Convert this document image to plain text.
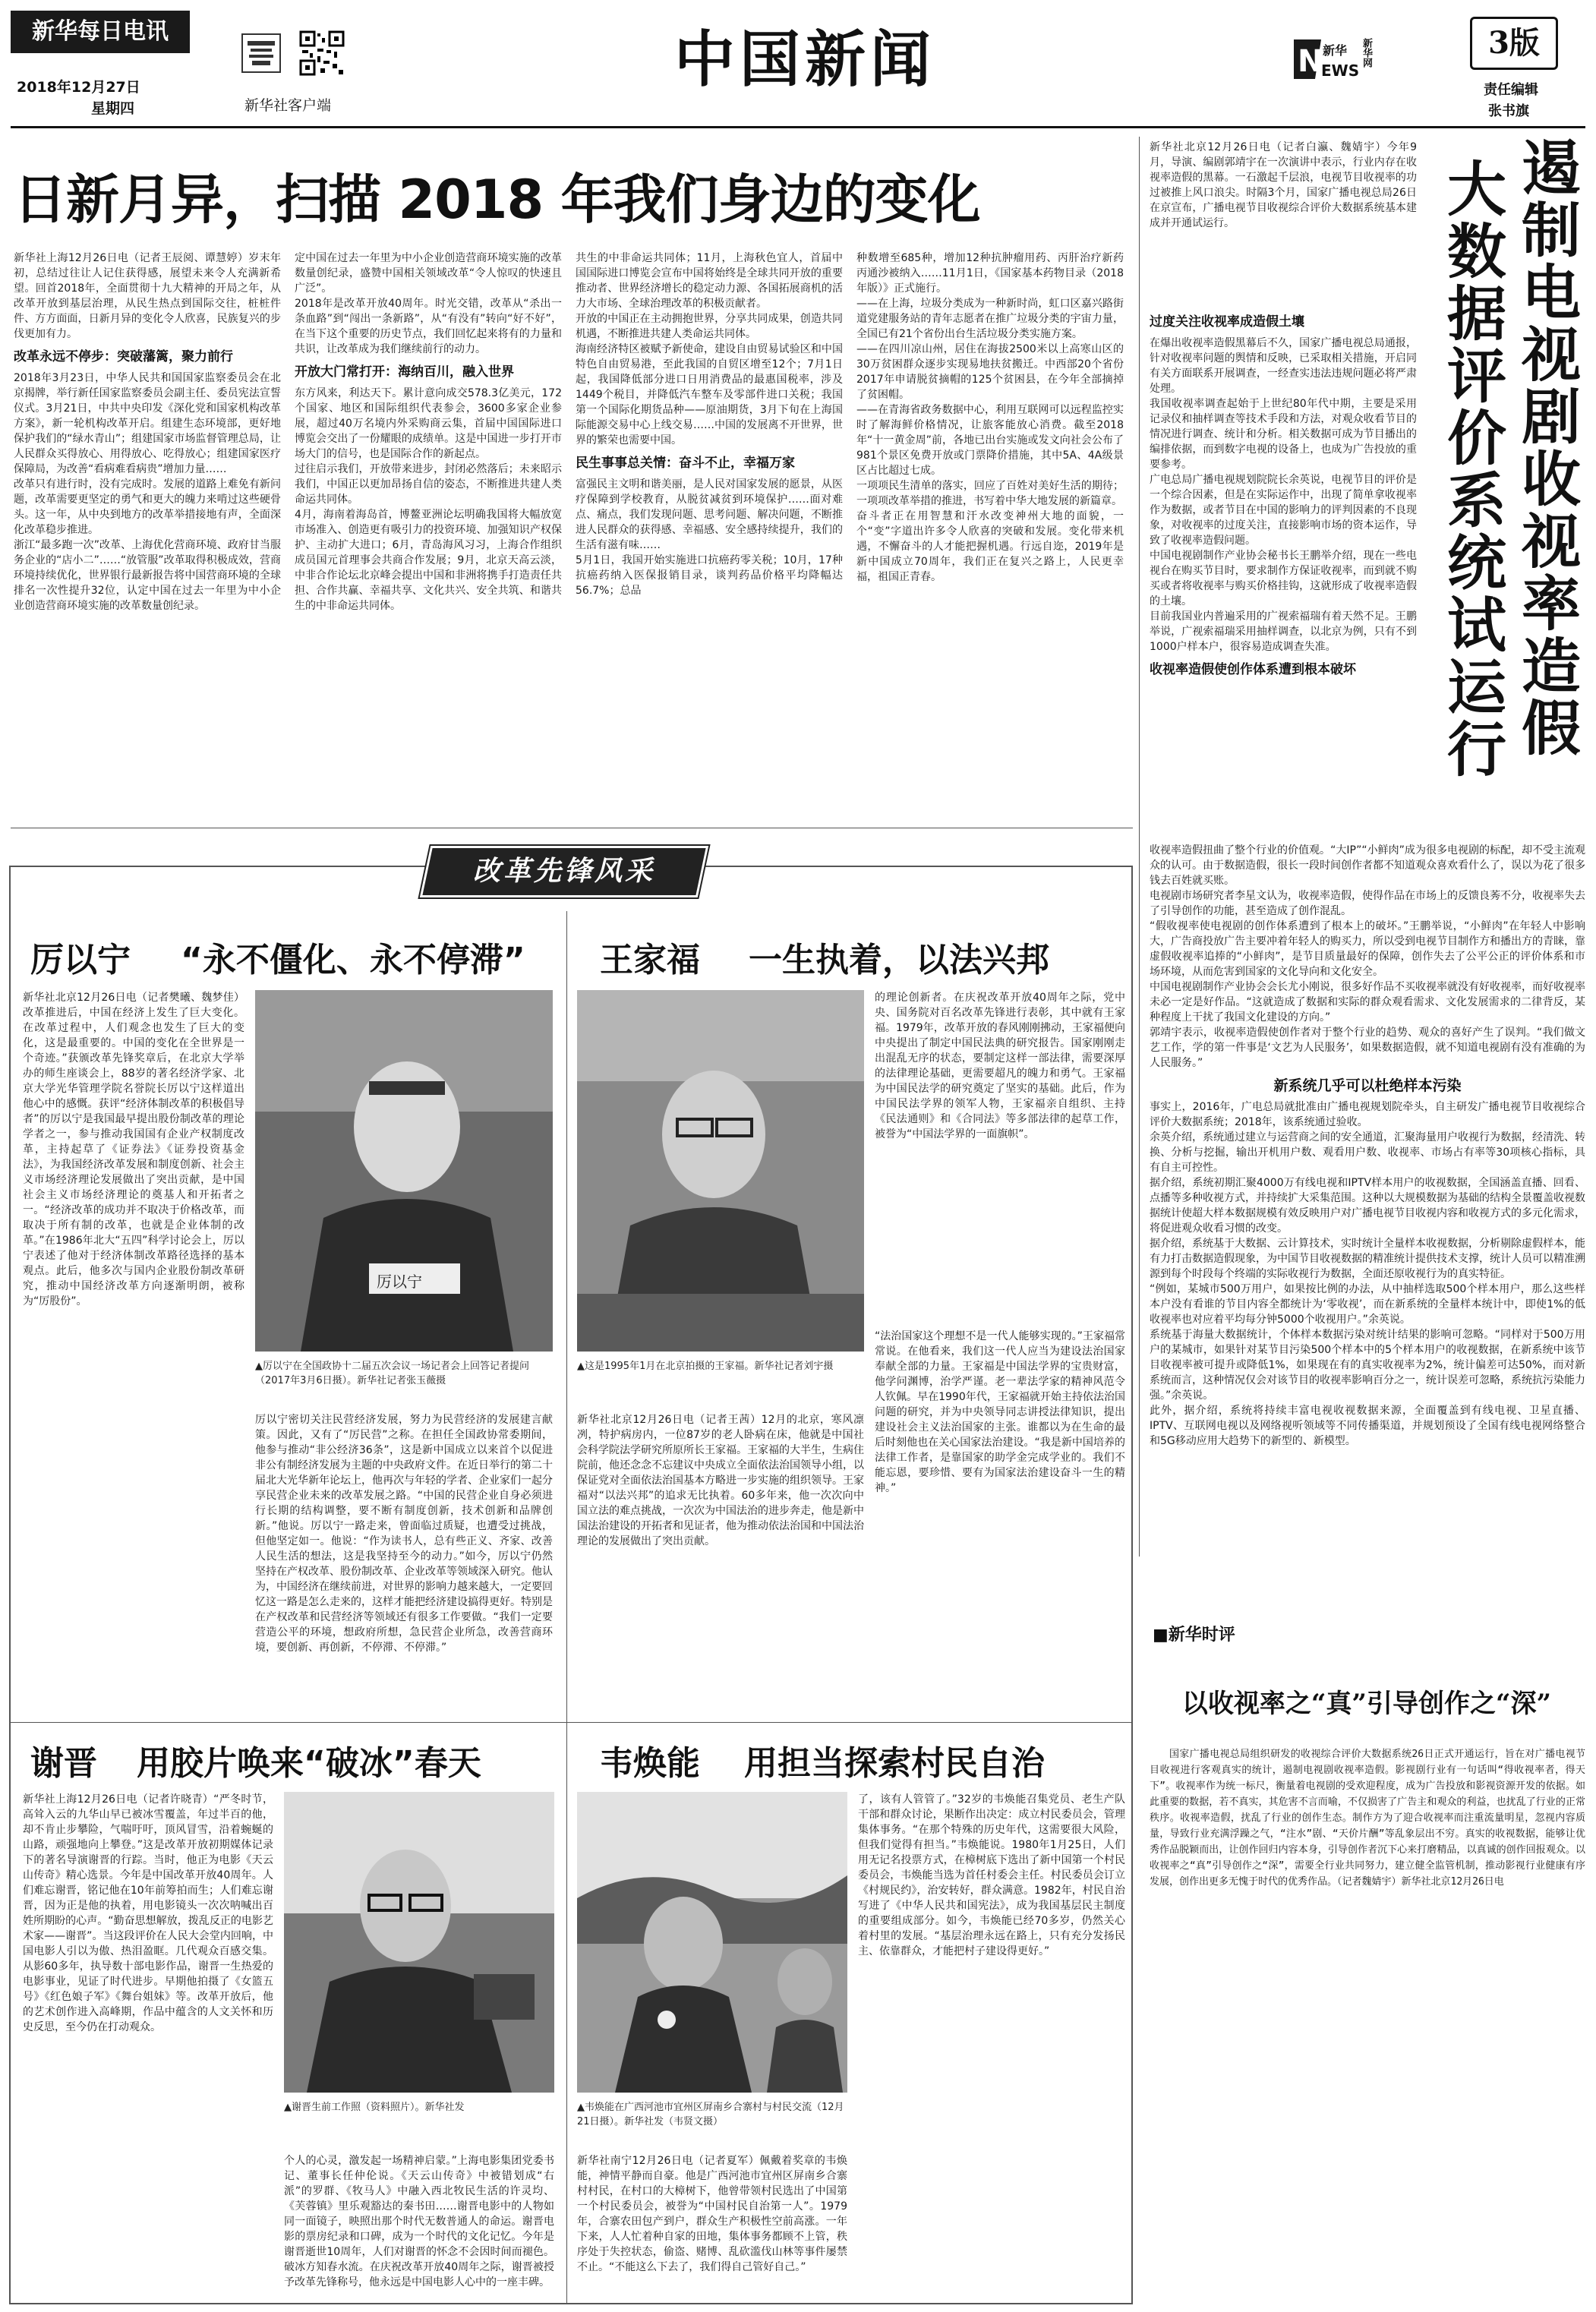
新华每日电讯
2018年12月27日
星期四	新华社客户端
中国新闻	N 新华
EWS
新华网	3版
责任编辑
张书旗
日新月异，扫描 2018 年我们身边的变化

新华社上海12月26日电（记者王辰阅、谭慧婷）岁末年初，总结过往让人记住获得感，展望未来令人充满新希望。回首2018年，全面贯彻十九大精神的开局之年，从改革开放到基层治理，从民生热点到国际交往，桩桩件件、方方面面，日新月异的变化令人欣喜，民族复兴的步伐更加有力。

改革永远不停步：突破藩篱，聚力前行

2018年3月23日，中华人民共和国国家监察委员会在北京揭牌，举行新任国家监察委员会副主任、委员宪法宣誓仪式。3月21日，中共中央印发《深化党和国家机构改革方案》，新一轮机构改革开启。组建生态环境部，更好地保护我们的“绿水青山”；组建国家市场监督管理总局，让人民群众买得放心、用得放心、吃得放心；组建国家医疗保障局，为改善“看病难看病贵”增加力量……

改革只有进行时，没有完成时。发展的道路上难免有新问题，改革需要更坚定的勇气和更大的魄力来啃过这些硬骨头。这一年，从中央到地方的改革举措接地有声，全面深化改革稳步推进。

浙江“最多跑一次”改革、上海优化营商环境、政府甘当服务企业的“店小二”……“放管服”改革取得积极成效，营商环境持续优化，世界银行最新报告将中国营商环境的全球排名一次性提升32位，认定中国在过去一年里为中小企业创造营商环境实施的改革数量创纪录。

定中国在过去一年里为中小企业创造营商环境实施的改革数量创纪录，盛赞中国相关领域改革“令人惊叹的快速且广泛”。

2018年是改革开放40周年。时光交错，改革从“杀出一条血路”到“闯出一条新路”，从“有没有”转向“好不好”，在当下这个重要的历史节点，我们回忆起来将有的力量和共识，让改革成为我们继续前行的动力。

开放大门常打开：海纳百川，融入世界

东方风来，利达天下。累计意向成交578.3亿美元，172个国家、地区和国际组织代表参会，3600多家企业参展，超过40万名境内外采购商云集，首届中国国际进口博览会交出了一份耀眼的成绩单。这是中国进一步打开市场大门的信号，也是国际合作的新起点。

过往启示我们，开放带来进步，封闭必然落后；未来昭示我们，中国正以更加昂扬自信的姿态，不断推进共建人类命运共同体。

4月，海南着海岛首，博鳌亚洲论坛明确我国将大幅放宽市场准入、创造更有吸引力的投资环境、加强知识产权保护、主动扩大进口；6月，青岛海风习习，上海合作组织成员国元首理事会共商合作发展；9月，北京天高云淡，中非合作论坛北京峰会提出中国和非洲将携手打造责任共担、合作共赢、幸福共享、文化共兴、安全共筑、和谐共生的中非命运共同体。

共生的中非命运共同体；11月，上海秋色宜人，首届中国国际进口博览会宣布中国将始终是全球共同开放的重要推动者、世界经济增长的稳定动力源、各国拓展商机的活力大市场、全球治理改革的积极贡献者。

开放的中国正在主动拥抱世界，分享共同成果，创造共同机遇，不断推进共建人类命运共同体。

海南经济特区被赋予新使命，建设自由贸易试验区和中国特色自由贸易港，至此我国的自贸区增至12个；7月1日起，我国降低部分进口日用消费品的最惠国税率，涉及1449个税目，并降低汽车整车及零部件进口关税；我国第一个国际化期货品种——原油期货，3月下旬在上海国际能源交易中心上线交易……中国的发展离不开世界，世界的繁荣也需要中国。

民生事事总关情：奋斗不止，幸福万家

富强民主文明和谐美丽，是人民对国家发展的愿景，从医疗保障到学校教育，从脱贫减贫到环境保护……面对难点、痛点，我们发现问题、思考问题、解决问题，不断推进人民群众的获得感、幸福感、安全感持续提升，我们的生活有滋有味……

5月1日，我国开始实施进口抗癌药零关税；10月，17种抗癌药纳入医保报销目录，谈判药品价格平均降幅达56.7%；总品

种数增至685种，增加12种抗肿瘤用药、丙肝治疗新药丙通沙被纳入……11月1日，《国家基本药物目录（2018年版）》正式施行。

——在上海，垃圾分类成为一种新时尚，虹口区嘉兴路街道党建服务站的青年志愿者在推广垃圾分类的宇宙力量，全国已有21个省份出台生活垃圾分类实施方案。

——在四川凉山州，居住在海拔2500米以上高寒山区的30万贫困群众逐步实现易地扶贫搬迁。中西部20个省份2017年申请脱贫摘帽的125个贫困县，在今年全部摘掉了贫困帽。

——在青海省政务数据中心，利用互联网可以远程监控实时了解海鲜价格情况，让旅客能放心消费。截至2018年“十一黄金周”前，各地已出台实施或发文向社会公布了981个景区免费开放或门票降价措施，其中5A、4A级景区占比超过七成。

一项项民生清单的落实，回应了百姓对美好生活的期待；一项项改革举措的推进，书写着中华大地发展的新篇章。

奋斗者正在用智慧和汗水改变神州大地的面貌，一个“变”字道出许多令人欣喜的突破和发展。变化带来机遇，不懈奋斗的人才能把握机遇。行远自迩，2019年是新中国成立70周年，我们正在复兴之路上，人民更幸福，祖国正青春。

新华社北京12月26日电（记者白瀛、魏婧宇）今年9月，导演、编剧郭靖宇在一次演讲中表示，行业内存在收视率造假的黑幕。一石激起千层浪，电视节目收视率的功过被推上风口浪尖。时隔3个月，国家广播电视总局26日在京宣布，广播电视节目收视综合评价大数据系统基本建成并开通试运行。	遏制电视剧收视率造假
大数据评价系统试运行
过度关注收视率成造假土壤

在爆出收视率造假黑幕后不久，国家广播电视总局通报，针对收视率问题的舆情和反映，已采取相关措施，开启同有关方面联系开展调查，一经查实违法违规问题必将严肃处理。

我国收视率调查起始于上世纪80年代中期，主要是采用记录仪和抽样调查等技术手段和方法，对观众收看节目的情况进行调查、统计和分析。相关数据可成为节目播出的编排依据，而到数字电视的设备上，也成为广告投放的重要参考。

广电总局广播电视规划院院长余英说，电视节目的评价是一个综合因素，但是在实际运作中，出现了简单拿收视率作为数据，或者节目在中国的影响力的评判因素的不良现象，对收视率的过度关注，直接影响市场的资本运作，导致了收视率造假问题。

中国电视剧制作产业协会秘书长王鹏举介绍，现在一些电视台在购买节目时，要求制作方保证收视率，而到就不购买或者将收视率与购买价格挂钩，这就形成了收视率造假的土壤。

目前我国业内普遍采用的广视索福瑞有着天然不足。王鹏举说，广视索福瑞采用抽样调查，以北京为例，只有不到1000户样本户，很容易造成调查失准。

收视率造假使创作体系遭到根本破坏

收视率造假扭曲了整个行业的价值观。“大IP”“小鲜肉”成为很多电视剧的标配，却不受主流观众的认可。由于数据造假，很长一段时间创作者都不知道观众喜欢看什么了，误以为花了很多钱去百姓就买账。

电视剧市场研究者李星文认为，收视率造假，使得作品在市场上的反馈良莠不分，收视率失去了引导创作的功能，甚至造成了创作混乱。

“假收视率使电视剧的创作体系遭到了根本上的破坏。”王鹏举说，“小鲜肉”在年轻人中影响大，广告商投放广告主要冲着年轻人的购买力，所以受到电视节目制作方和播出方的青睐，靠虚假收视率追捧的“小鲜肉”，是节目质量最好的保障，创作失去了公平公正的评价体系和市场环境，从而危害到国家的文化导向和文化安全。

中国电视剧制作产业协会会长尤小刚说，很多好作品不买收视率就没有好收视率，而好收视率未必一定是好作品。“这就造成了数据和实际的群众观看需求、文化发展需求的二律背反，某种程度上干扰了我国文化建设的方向。”

郭靖宇表示，收视率造假使创作者对于整个行业的趋势、观众的喜好产生了误判。“我们做文艺工作，学的第一件事是‘文艺为人民服务’，如果数据造假，就不知道电视剧有没有准确的为人民服务。”

新系统几乎可以杜绝样本污染

事实上，2016年，广电总局就批准由广播电视规划院牵头，自主研发广播电视节目收视综合评价大数据系统；2018年，该系统通过验收。

余英介绍，系统通过建立与运营商之间的安全通道，汇聚海量用户收视行为数据，经清洗、转换、分析与挖掘，输出开机用户数、观看用户数、收视率、市场占有率等30项核心指标，具有自主可控性。

据介绍，系统初期汇聚4000万有线电视和IPTV样本用户的收视数据，全国涵盖直播、回看、点播等多种收视方式，并持续扩大采集范围。这种以大规模数据为基础的结构全景覆盖收视数据统计使超大样本数据规模有效反映用户对广播电视节目收视内容和收视方式的多元化需求，将促进观众收看习惯的改变。

据介绍，系统基于大数据、云计算技术，实时统计全量样本收视数据，分析剔除虚假样本，能有力打击数据造假现象，为中国节目收视数据的精准统计提供技术支撑，统计人员可以精准溯源到每个时段每个终端的实际收视行为数据，全面还原收视行为的真实特征。

“例如，某城市500万用户，如果按比例的办法，从中抽样选取500个样本用户，那么这些样本户没有看谁的节目内容全都统计为‘零收视’，而在新系统的全量样本统计中，即使1%的低收视率也对应着平均每分钟5000个收视用户。”余英说。

系统基于海量大数据统计，个体样本数据污染对统计结果的影响可忽略。“同样对于500万用户的某城市，如果针对某节目污染500个样本中的5个样本用户的收视数据，在新系统中该节目收视率被可提升或降低1%，如果现在有的真实收视率为2%，统计偏差可达50%，而对新系统而言，这种情况仅会对该节目的收视率影响百分之一，统计误差可忽略，系统抗污染能力强。”余英说。

此外，据介绍，系统将持续丰富电视收视数据来源，全面覆盖到有线电视、卫星直播、IPTV、互联网电视以及网络视听领域等不同传播渠道，并规划预设了全国有线电视网络整合和5G移动应用大趋势下的新型的、新模型。

■新华时评
以收视率之“真”引导创作之“深”

国家广播电视总局组织研发的收视综合评价大数据系统26日正式开通运行，旨在对广播电视节目收视进行客观真实的统计，遏制电视剧收视率造假。影视剧行业有一句话叫“得收视率者，得天下”。收视率作为统一标尺，衡量着电视剧的受欢迎程度，成为广告投放和影视资源开发的依据。如此重要的数据，若不真实，其危害不言而喻，不仅损害了广告主和观众的利益，也扰乱了行业的正常秩序。收视率造假，扰乱了行业的创作生态。制作方为了迎合收视率而注重流量明星，忽视内容质量，导致行业充满浮躁之气，“注水”剧、“天价片酬”等乱象层出不穷。真实的收视数据，能够让优秀作品脱颖而出，让创作回归内容本身，引导创作者沉下心来打磨精品，以真诚的创作回报观众。以收视率之“真”引导创作之“深”，需要全行业共同努力，建立健全监管机制，推动影视行业健康有序发展，创作出更多无愧于时代的优秀作品。（记者魏婧宇）新华社北京12月26日电

改革先锋风采
厉以宁 “永不僵化、永不停滞”

新华社北京12月26日电（记者樊曦、魏梦佳）改革推进后，中国在经济上发生了巨大变化。在改革过程中，人们观念也发生了巨大的变化，这是最重要的。中国的变化在全世界是一个奇迹。”获颁改革先锋奖章后，在北京大学举办的师生座谈会上，88岁的著名经济学家、北京大学光华管理学院名誉院长厉以宁这样道出他心中的感慨。获评“经济体制改革的积极倡导者”的厉以宁是我国最早提出股份制改革的理论学者之一，参与推动我国国有企业产权制度改革，主持起草了《证券法》《证券投资基金法》，为我国经济改革发展和制度创新、社会主义市场经济理论发展做出了突出贡献，是中国社会主义市场经济理论的奠基人和开拓者之一。“经济改革的成功并不取决于价格改革，而取决于所有制的改革，也就是企业体制的改革。”在1986年北大“五四”科学讨论会上，厉以宁表述了他对于经济体制改革路径选择的基本观点。此后，他多次与国内企业股份制改革研究，推动中国经济改革方向逐渐明朗，被称为“厉股份”。

厉以宁
▲厉以宁在全国政协十二届五次会议一场记者会上回答记者提问（2017年3月6日摄）。新华社记者张玉薇摄

厉以宁密切关注民营经济发展，努力为民营经济的发展建言献策。因此，又有了“厉民营”之称。在担任全国政协常委期间，他参与推动“非公经济36条”，这是新中国成立以来首个以促进非公有制经济发展为主题的中央政府文件。在近日举行的第二十届北大光华新年论坛上，他再次与年轻的学者、企业家们一起分享民营企业未来的改革发展之路。“中国的民营企业自身必须进行长期的结构调整，要不断有制度创新，技术创新和品牌创新。”他说。厉以宁一路走来，曾面临过质疑，也遭受过挑战，但他坚定如一。他说：“作为读书人，总有些正义、齐家、改善人民生活的想法，这是我坚持至今的动力。”如今，厉以宁仍然坚持在产权改革、股份制改革、企业改革等领域深入研究。他认为，中国经济在继续前进，对世界的影响力越来越大，一定要回忆这一路是怎么走来的，这样才能把经济建设搞得更好。特别是在产权改革和民营经济等领域还有很多工作要做。“我们一定要营造公平的环境，想政府所想，急民营企业所急，改善营商环境，要创新、再创新，不停滞、不停滞。”

王家福 一生执着，以法兴邦
▲这是1995年1月在北京拍摄的王家福。新华社记者刘宇摄

新华社北京12月26日电（记者王茜）12月的北京，寒风凛冽，特护病房内，一位87岁的老人卧病在床，他就是中国社会科学院法学研究所原所长王家福。王家福的大半生，生病住院前，他还念念不忘建议中央成立全面依法治国领导小组，以保证党对全面依法治国基本方略进一步实施的组织领导。王家福对“以法兴邦”的追求无比执着。60多年来，他一次次向中国立法的难点挑战，一次次为中国法治的进步奔走，他是新中国法治建设的开拓者和见证者，他为推动依法治国和中国法治理论的发展做出了突出贡献。

的理论创新者。在庆祝改革开放40周年之际，党中央、国务院对百名改革先锋进行表彰，其中就有王家福。1979年，改革开放的春风刚刚拂动，王家福便向中央提出了制定中国民法典的研究报告。国家刚刚走出混乱无序的状态，要制定这样一部法律，需要深厚的法律理论基础，更需要超凡的魄力和勇气。王家福为中国民法学的研究奠定了坚实的基础。此后，作为中国民法学界的领军人物，王家福亲自组织、主持《民法通则》和《合同法》等多部法律的起草工作，被誉为“中国法学界的一面旗帜”。

“法治国家这个理想不是一代人能够实现的。”王家福常常说。在他看来，我们这一代人应当为建设法治国家奉献全部的力量。王家福是中国法学界的宝贵财富，他学问渊博，治学严谨。老一辈法学家的精神风范令人钦佩。早在1990年代，王家福就开始主持依法治国问题的研究，并为中央领导同志讲授法律知识，提出建设社会主义法治国家的主张。谁都以为在生命的最后时刻他也在关心国家法治建设。“我是新中国培养的法律工作者，是靠国家的助学金完成学业的。我们不能忘恩，要珍惜、要有为国家法治建设奋斗一生的精神。”

谢晋 用胶片唤来“破冰”春天

新华社上海12月26日电（记者许晓青）“严冬时节，高耸入云的九华山早已被冰雪覆盖，年过半百的他，却不肯止步攀险，气喘吁吁，顶风冒雪，沿着蜿蜒的山路，顽强地向上攀登。”这是改革开放初期媒体记录下的著名导演谢晋的行踪。当时，他正为电影《天云山传奇》精心选景。今年是中国改革开放40周年。人们难忘谢晋，铭记他在10年前筹拍而生；人们难忘谢晋，因为正是他的执着，用电影镜头一次次呐喊出百姓所期盼的心声。“勤奋思想解放，拨乱反正的电影艺术家——谢晋”。当这段评价在人民大会堂内回响，中国电影人引以为傲、热泪盈眶。几代观众百感交集。从影60多年，执导数十部电影作品，谢晋一生热爱的电影事业，见证了时代进步。早期他拍摄了《女篮五号》《红色娘子军》《舞台姐妹》等。改革开放后，他的艺术创作进入高峰期，作品中蕴含的人文关怀和历史反思，至今仍在打动观众。

▲谢晋生前工作照（资料照片）。新华社发

个人的心灵，激发起一场精神启蒙。”上海电影集团党委书记、董事长任仲伦说。《天云山传奇》中被错划成“右派”的罗群、《牧马人》中融入西北牧民生活的许灵均、《芙蓉镇》里乐观豁达的秦书田……谢晋电影中的人物如同一面镜子，映照出那个时代无数普通人的命运。谢晋电影的票房纪录和口碑，成为一个时代的文化记忆。今年是谢晋逝世10周年，人们对谢晋的怀念不会因时间而褪色。破冰方知春水流。在庆祝改革开放40周年之际，谢晋被授予改革先锋称号，他永远是中国电影人心中的一座丰碑。

韦焕能 用担当探索村民自治
▲韦焕能在广西河池市宜州区屏南乡合寨村与村民交流（12月21日摄）。新华社发（韦贤文摄）

新华社南宁12月26日电（记者夏军）佩戴着奖章的韦焕能，神情平静而自豪。他是广西河池市宜州区屏南乡合寨村村民，在村口的大樟树下，他曾带领村民选出了中国第一个村民委员会，被誉为“中国村民自治第一人”。1979年，合寨农田包产到户，群众生产积极性空前高涨。一年下来，人人忙着种自家的田地，集体事务都顾不上管，秩序处于失控状态，偷盗、赌博、乱砍滥伐山林等事件屡禁不止。“不能这么下去了，我们得自己管好自己。”

了，该有人管管了。”32岁的韦焕能召集党员、老生产队干部和群众讨论，果断作出决定：成立村民委员会，管理集体事务。“在那个特殊的历史年代，这需要很大风险，但我们觉得有担当。”韦焕能说。1980年1月25日，人们用无记名投票方式，在樟树底下选出了新中国第一个村民委员会，韦焕能当选为首任村委会主任。村民委员会订立《村规民约》，治安转好，群众满意。1982年，村民自治写进了《中华人民共和国宪法》，成为我国基层民主制度的重要组成部分。如今，韦焕能已经70多岁，仍然关心着村里的发展。“基层治理永远在路上，只有充分发扬民主、依靠群众，才能把村子建设得更好。”
